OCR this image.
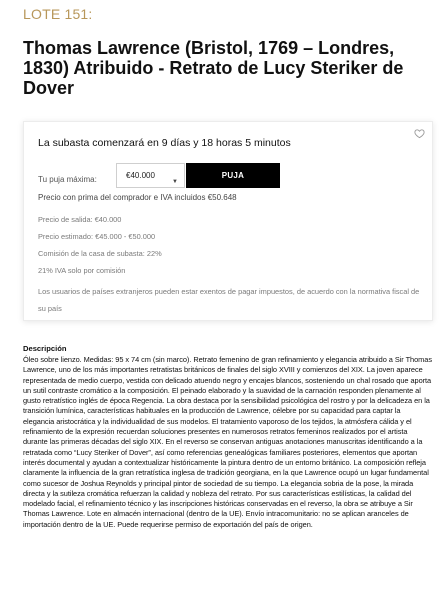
LOTE 151:
Thomas Lawrence (Bristol, 1769 – Londres, 1830) Atribuido - Retrato de Lucy Steriker de Dover
La subasta comenzará en 9 días y 18 horas 5 minutos
Tu puja máxima:	€40.000
▼
PUJA
Precio con prima del comprador e IVA incluidos €50.648
Precio de salida: €40.000
Precio estimado: €45.000 - €50.000
Comisión de la casa de subasta: 22%
21% IVA solo por comisión
Los usuarios de países extranjeros pueden estar exentos de pagar impuestos, de acuerdo con la normativa fiscal de su país
Descripción
Óleo sobre lienzo. Medidas: 95 x 74 cm (sin marco). Retrato femenino de gran refinamiento y elegancia atribuido a Sir Thomas Lawrence, uno de los más importantes retratistas británicos de finales del siglo XVIII y comienzos del XIX. La joven aparece representada de medio cuerpo, vestida con delicado atuendo negro y encajes blancos, sosteniendo un chal rosado que aporta un sutil contraste cromático a la composición. El peinado elaborado y la suavidad de la carnación responden plenamente al gusto retratístico inglés de época Regencia. La obra destaca por la sensibilidad psicológica del rostro y por la delicadeza en la transición lumínica, características habituales en la producción de Lawrence, célebre por su capacidad para captar la elegancia aristocrática y la individualidad de sus modelos. El tratamiento vaporoso de los tejidos, la atmósfera cálida y el refinamiento de la expresión recuerdan soluciones presentes en numerosos retratos femeninos realizados por el artista durante las primeras décadas del siglo XIX. En el reverso se conservan antiguas anotaciones manuscritas identificando a la retratada como “Lucy Steriker of Dover”, así como referencias genealógicas familiares posteriores, elementos que aportan interés documental y ayudan a contextualizar históricamente la pintura dentro de un entorno británico. La composición refleja claramente la influencia de la gran retratística inglesa de tradición georgiana, en la que Lawrence ocupó un lugar fundamental como sucesor de Joshua Reynolds y principal pintor de sociedad de su tiempo. La elegancia sobria de la pose, la mirada directa y la sutileza cromática refuerzan la calidad y nobleza del retrato. Por sus características estilísticas, la calidad del modelado facial, el refinamiento técnico y las inscripciones históricas conservadas en el reverso, la obra se atribuye a Sir Thomas Lawrence. Lote en almacén internacional (dentro de la UE). Envío intracomunitario: no se aplican aranceles de importación dentro de la UE. Puede requerirse permiso de exportación del país de origen.
